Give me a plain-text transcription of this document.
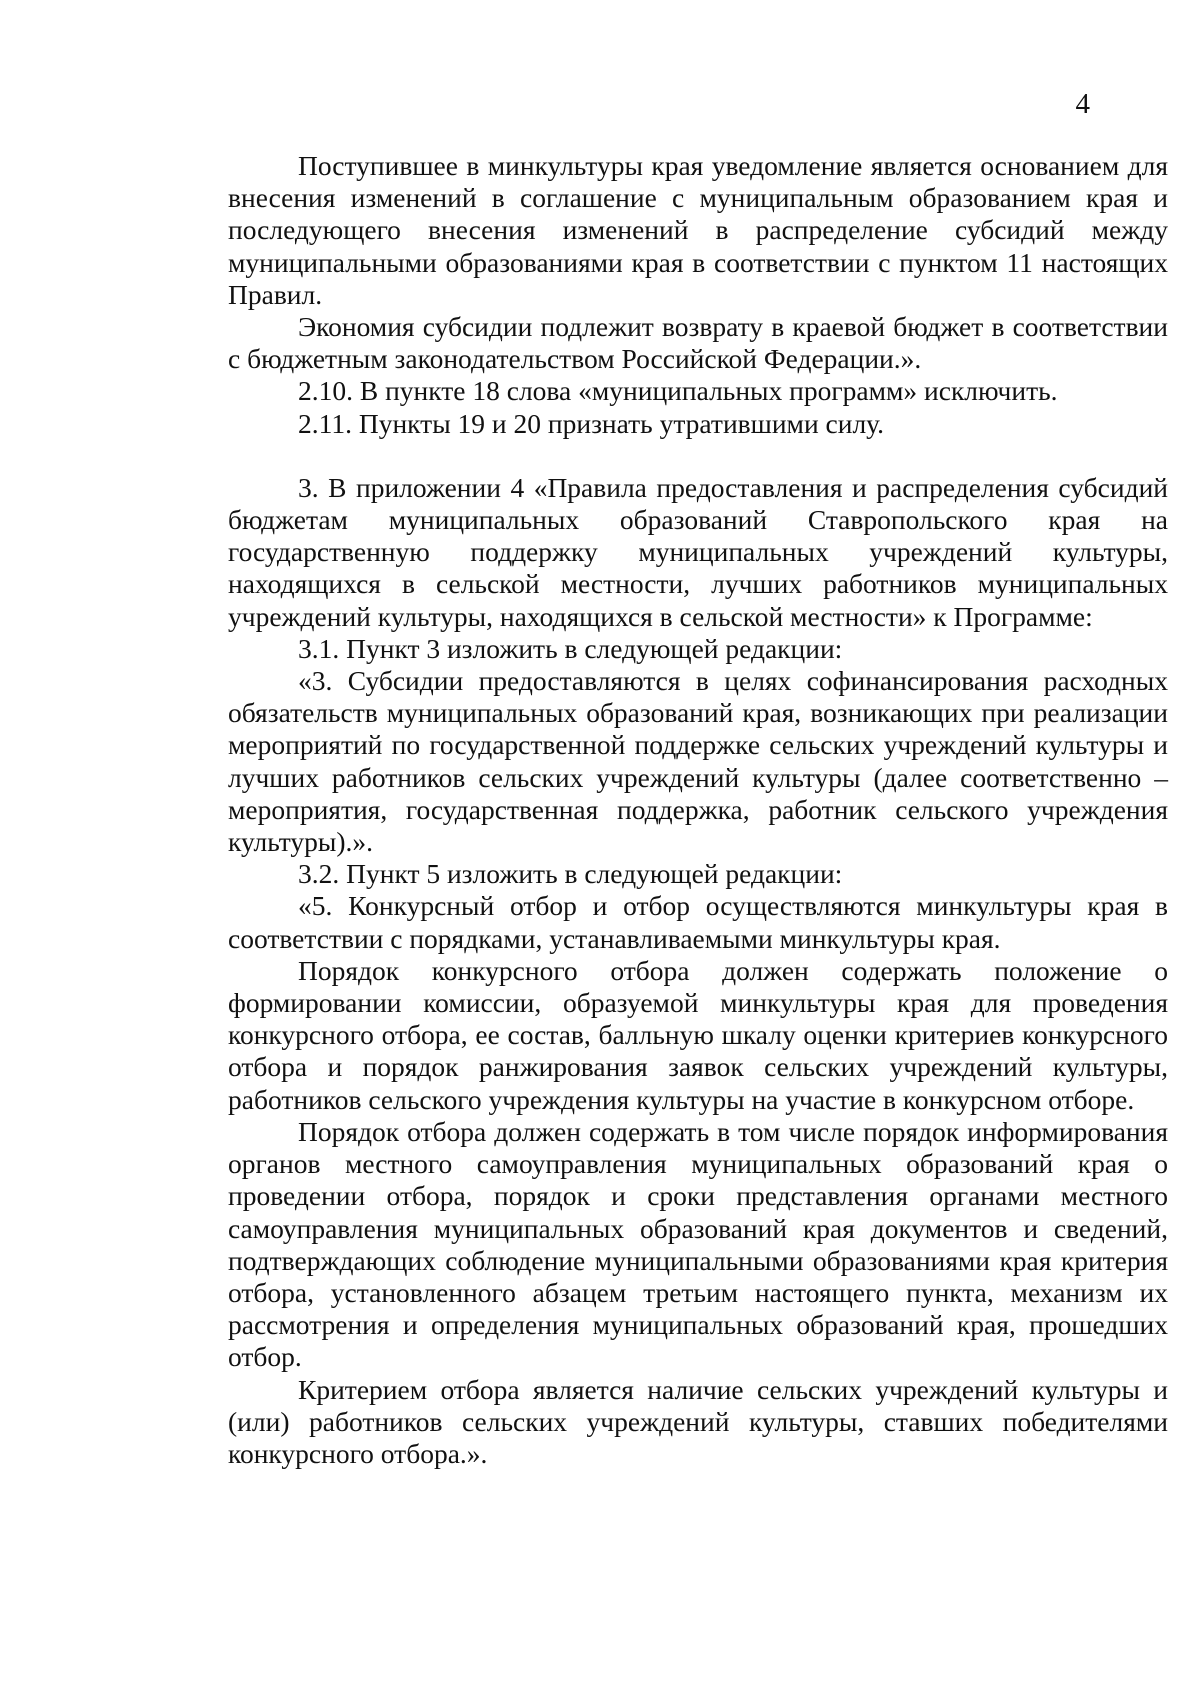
4

Поступившее в минкультуры края уведомление является основанием для внесения изменений в соглашение с муниципальным образованием края и последующего внесения изменений в распределение субсидий между муниципальными образованиями края в соответствии с пунктом 11 настоящих Правил.

Экономия субсидии подлежит возврату в краевой бюджет в соответствии с бюджетным законодательством Российской Федерации.».

2.10. В пункте 18 слова «муниципальных программ» исключить.

2.11. Пункты 19 и 20 признать утратившими силу.

3. В приложении 4 «Правила предоставления и распределения субсидий бюджетам муниципальных образований Ставропольского края на государственную поддержку муниципальных учреждений культуры, находящихся в сельской местности, лучших работников муниципальных учреждений культуры, находящихся в сельской местности» к Программе:

3.1. Пункт 3 изложить в следующей редакции:

«3. Субсидии предоставляются в целях софинансирования расходных обязательств муниципальных образований края, возникающих при реализации мероприятий по государственной поддержке сельских учреждений культуры и лучших работников сельских учреждений культуры (далее соответственно – мероприятия, государственная поддержка, работник сельского учреждения культуры).».

3.2. Пункт 5 изложить в следующей редакции:

«5. Конкурсный отбор и отбор осуществляются минкультуры края в соответствии с порядками, устанавливаемыми минкультуры края.

Порядок конкурсного отбора должен содержать положение о формировании комиссии, образуемой минкультуры края для проведения конкурсного отбора, ее состав, балльную шкалу оценки критериев конкурсного отбора и порядок ранжирования заявок сельских учреждений культуры, работников сельского учреждения культуры на участие в конкурсном отборе.

Порядок отбора должен содержать в том числе порядок информирования органов местного самоуправления муниципальных образований края о проведении отбора, порядок и сроки представления органами местного самоуправления муниципальных образований края документов и сведений, подтверждающих соблюдение муниципальными образованиями края критерия отбора, установленного абзацем третьим настоящего пункта, механизм их рассмотрения и определения муниципальных образований края, прошедших отбор.

Критерием отбора является наличие сельских учреждений культуры и (или) работников сельских учреждений культуры, ставших победителями конкурсного отбора.».
